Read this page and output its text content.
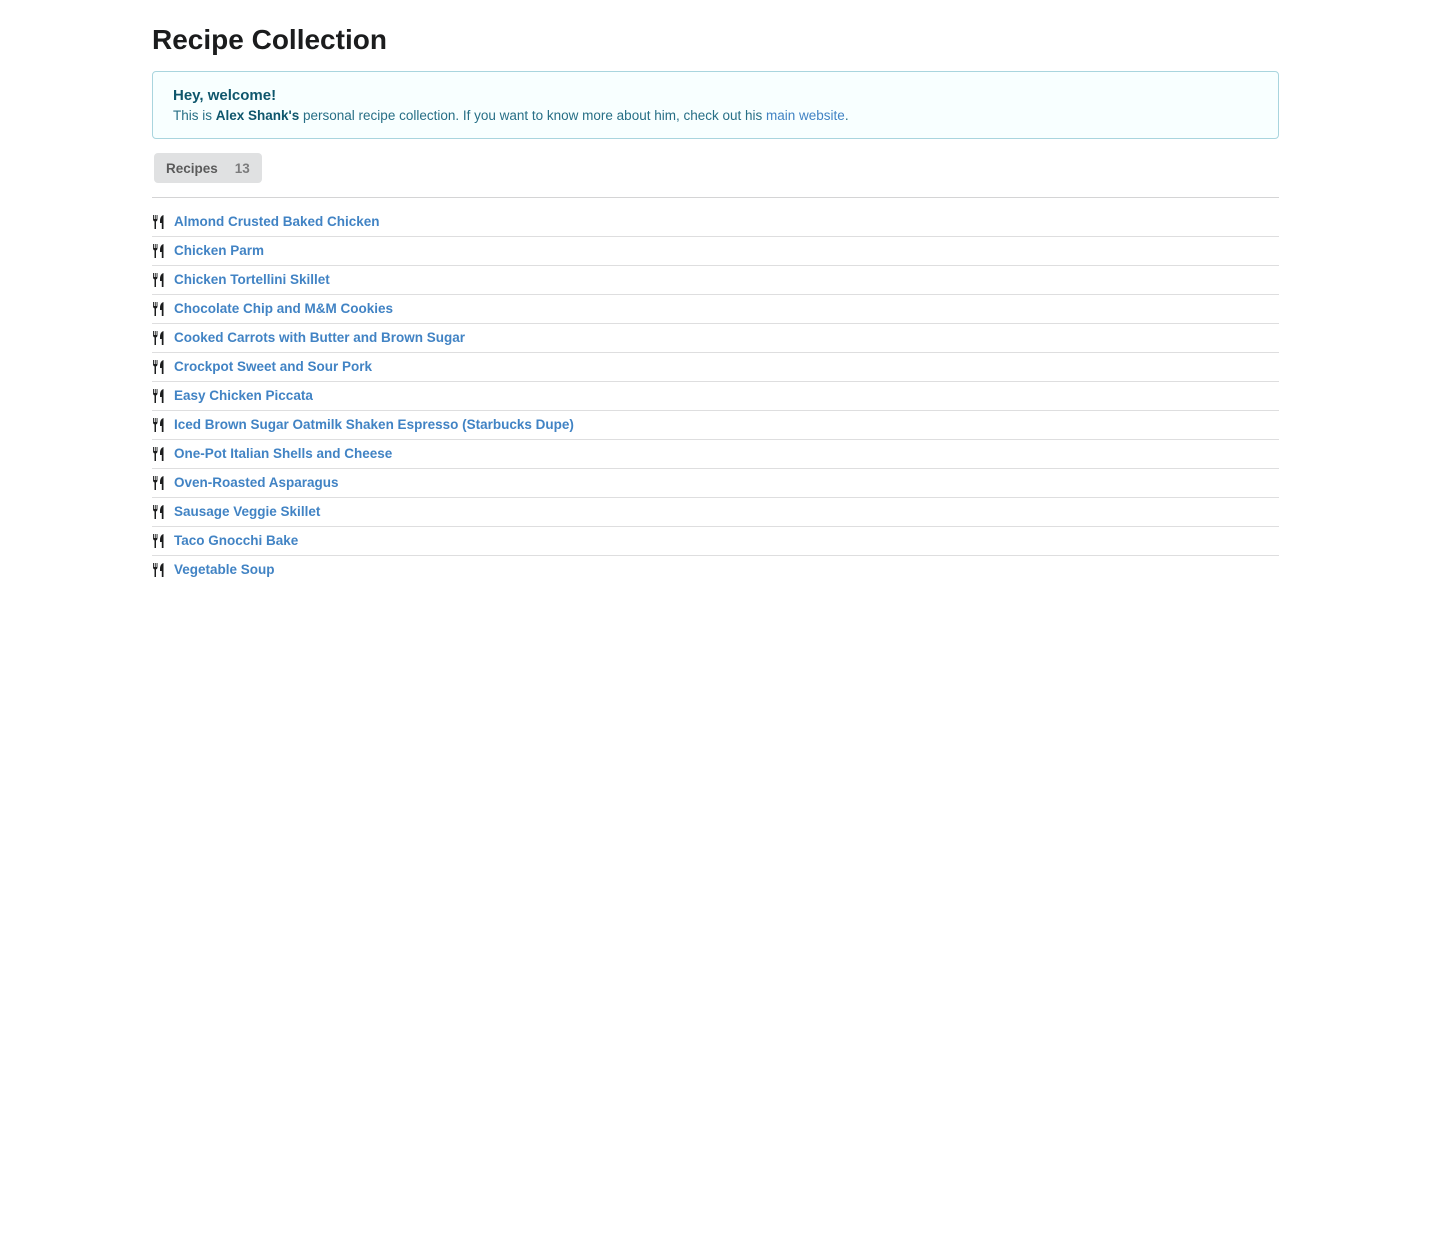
Recipe Collection
Hey, welcome!
This is Alex Shank's personal recipe collection. If you want to know more about him, check out his main website.
Recipes 13
Almond Crusted Baked Chicken
Chicken Parm
Chicken Tortellini Skillet
Chocolate Chip and M&M Cookies
Cooked Carrots with Butter and Brown Sugar
Crockpot Sweet and Sour Pork
Easy Chicken Piccata
Iced Brown Sugar Oatmilk Shaken Espresso (Starbucks Dupe)
One-Pot Italian Shells and Cheese
Oven-Roasted Asparagus
Sausage Veggie Skillet
Taco Gnocchi Bake
Vegetable Soup
